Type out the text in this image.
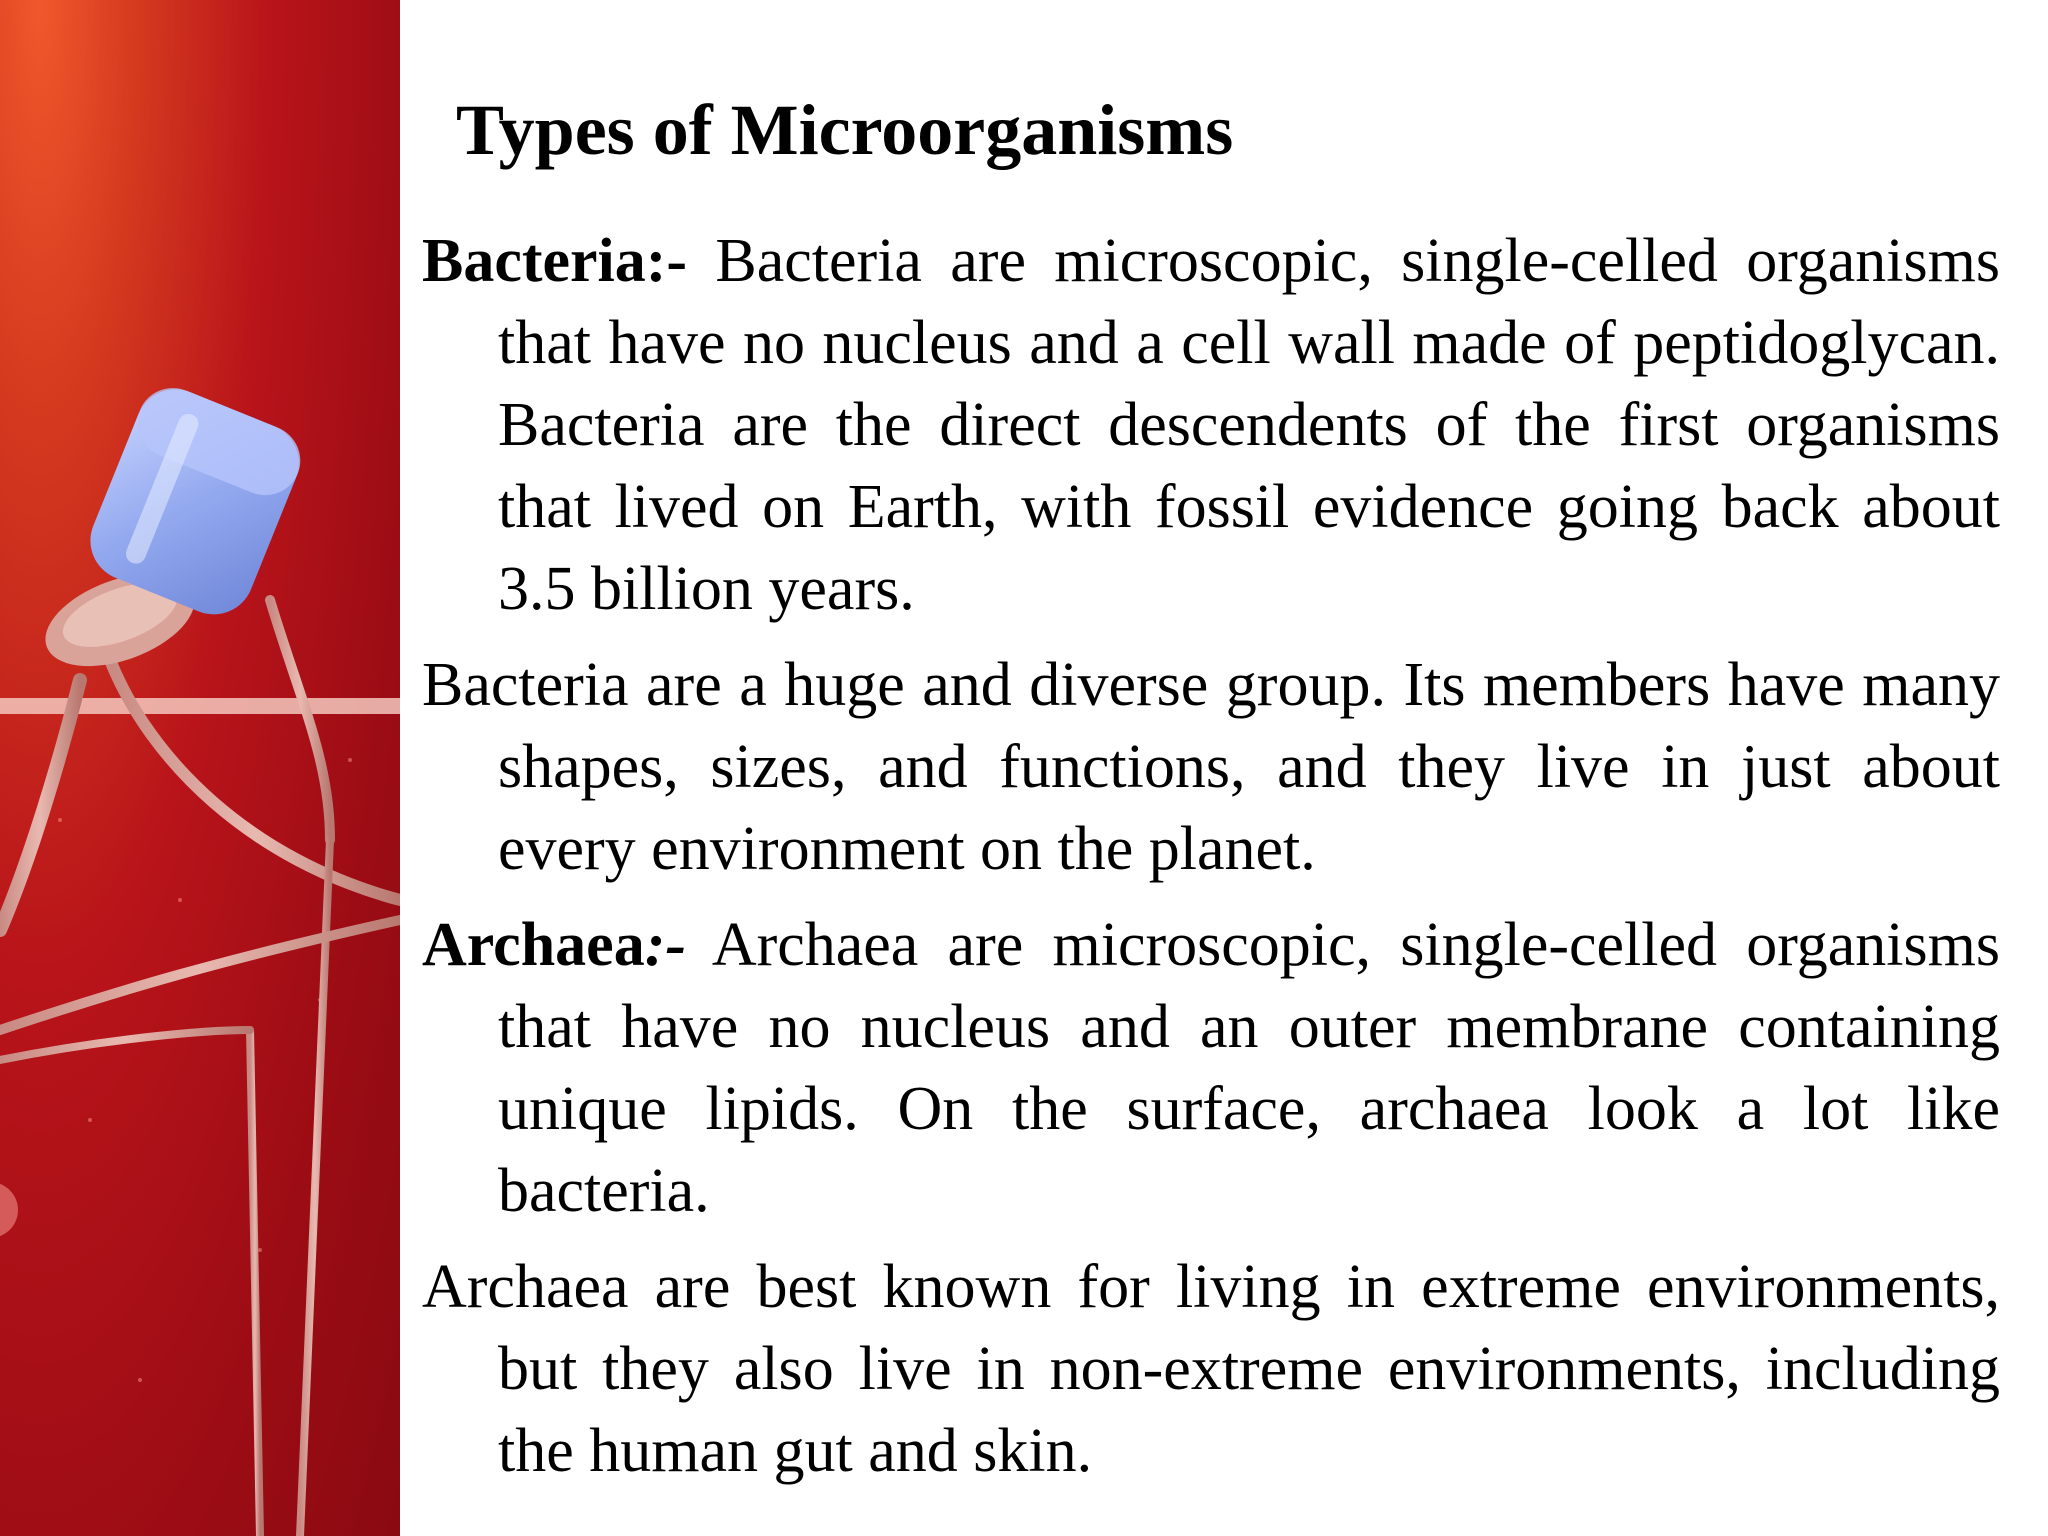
Types of Microorganisms

Bacteria:- Bacteria are microscopic, single-celled organisms that have no nucleus and a cell wall made of peptidoglycan. Bacteria are the direct descendents of the first organisms that lived on Earth, with fossil evidence going back about 3.5 billion years.

Bacteria are a huge and diverse group. Its members have many shapes, sizes, and functions, and they live in just about every environment on the planet.

Archaea:- Archaea are microscopic, single-celled organisms that have no nucleus and an outer membrane containing unique lipids. On the surface, archaea look a lot like bacteria.

Archaea are best known for living in extreme environments, but they also live in non-extreme environments, including the human gut and skin.
